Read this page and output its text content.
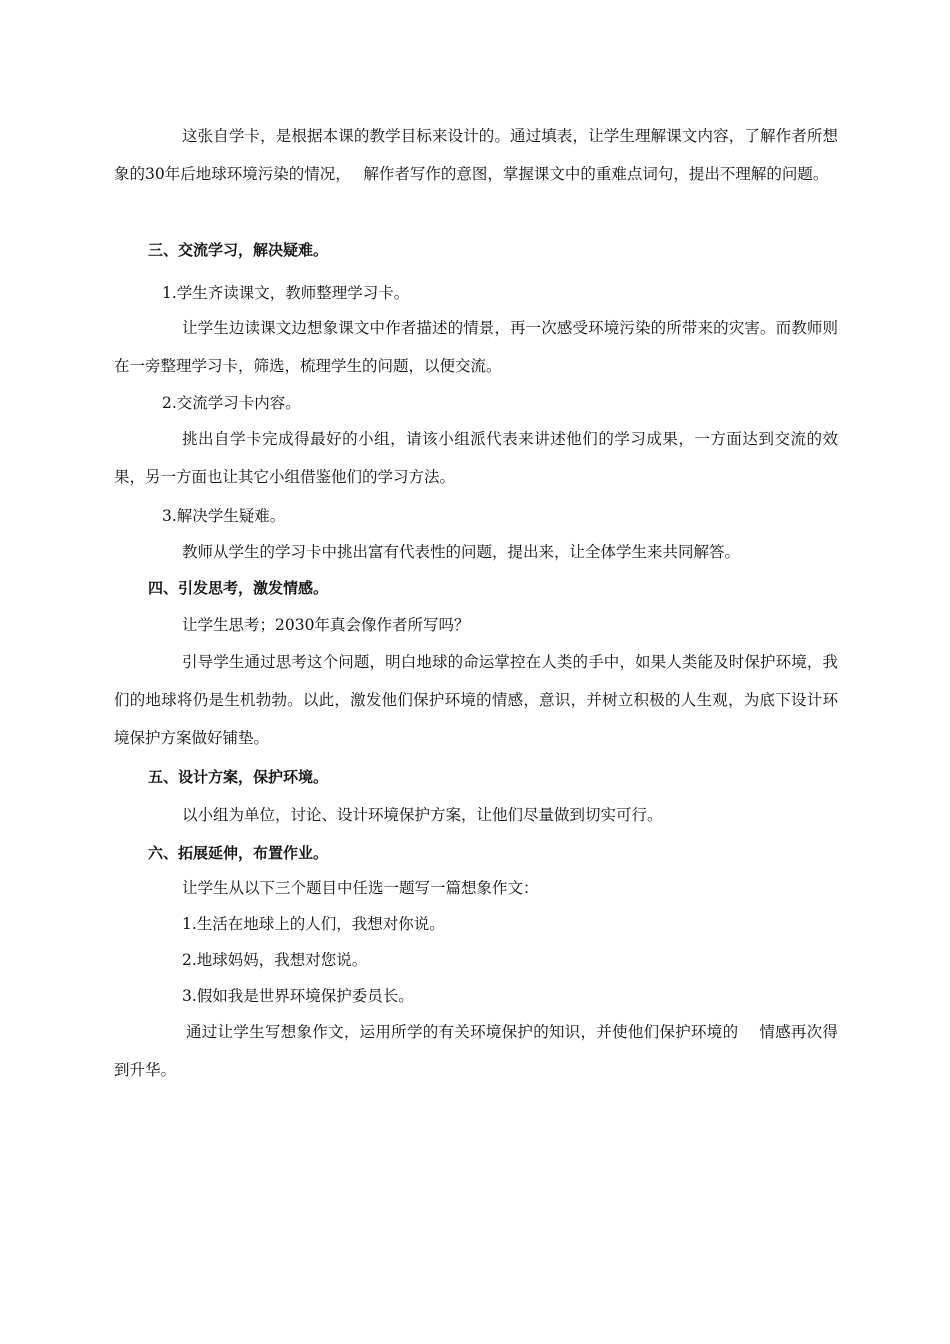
这张自学卡，是根据本课的教学目标来设计的。通过填表，让学生理解课文内容，了解作者所想象的30年后地球环境污染的情况，　 解作者写作的意图，掌握课文中的重难点词句，提出不理解的问题。

三、交流学习，解决疑难。

1.学生齐读课文，教师整理学习卡。

让学生边读课文边想象课文中作者描述的情景，再一次感受环境污染的所带来的灾害。而教师则在一旁整理学习卡，筛选，梳理学生的问题，以便交流。

2.交流学习卡内容。

挑出自学卡完成得最好的小组，请该小组派代表来讲述他们的学习成果，一方面达到交流的效果，另一方面也让其它小组借鉴他们的学习方法。

3.解决学生疑难。

教师从学生的学习卡中挑出富有代表性的问题，提出来，让全体学生来共同解答。

四、引发思考，激发情感。

让学生思考；2030年真会像作者所写吗？

引导学生通过思考这个问题，明白地球的命运掌控在人类的手中，如果人类能及时保护环境，我们的地球将仍是生机勃勃。以此，激发他们保护环境的情感，意识，并树立积极的人生观，为底下设计环境保护方案做好铺垫。

五、设计方案，保护环境。

以小组为单位，讨论、设计环境保护方案，让他们尽量做到切实可行。

六、拓展延伸，布置作业。

让学生从以下三个题目中任选一题写一篇想象作文：

1.生活在地球上的人们，我想对你说。

2.地球妈妈，我想对您说。

3.假如我是世界环境保护委员长。

通过让学生写想象作文，运用所学的有关环境保护的知识，并使他们保护环境的　 情感再次得到升华。
